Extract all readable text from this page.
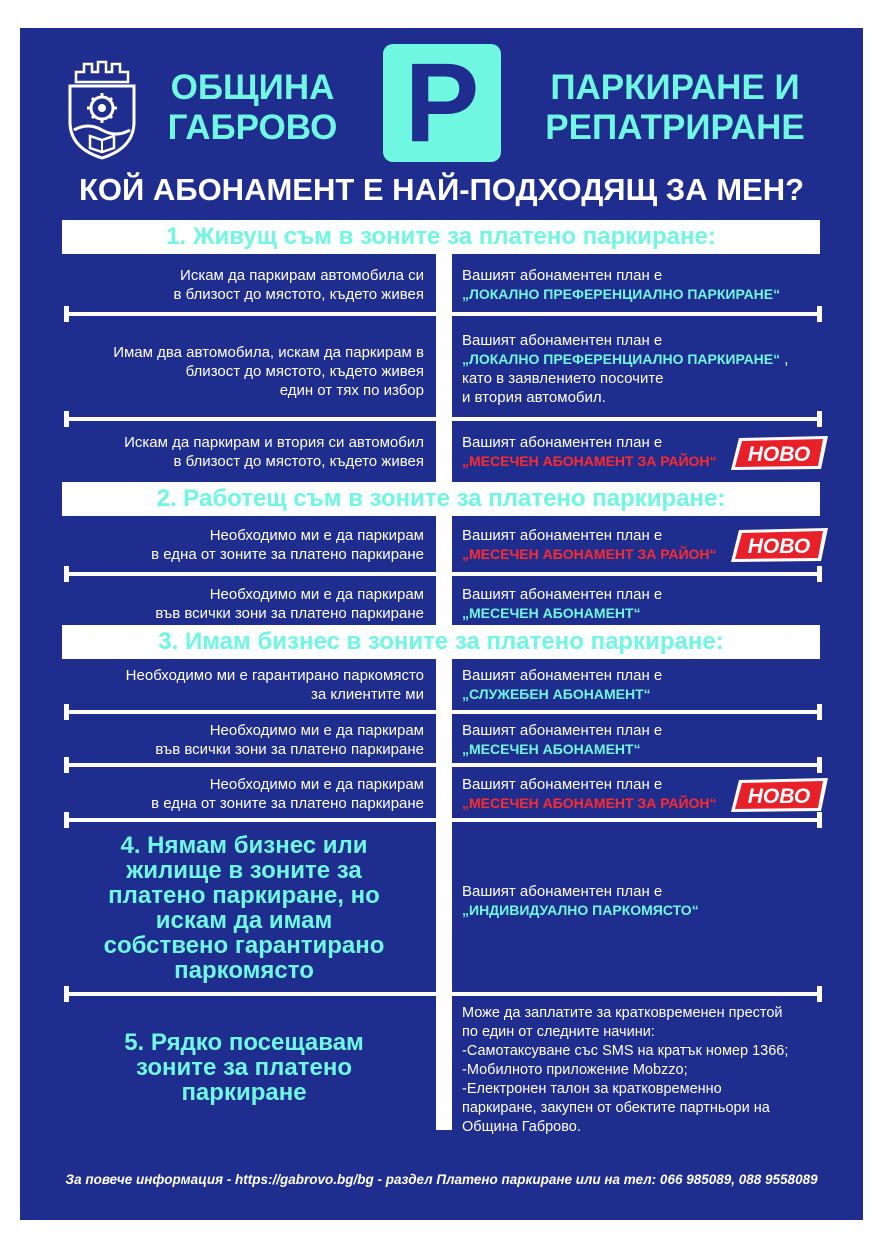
ОБЩИНА
ГАБРОВО P	ПАРКИРАНЕ И
РЕПАТРИРАНЕ
КОЙ АБОНАМЕНТ Е НАЙ-ПОДХОДЯЩ ЗА МЕН?
1. Живущ съм в зоните за платено паркиране:
Искам да паркирам автомобила си
в близост до мястото, където живея
Вашият абонаментен план е
„ЛОКАЛНО ПРЕФЕРЕНЦИАЛНО ПАРКИРАНЕ“
Имам два автомобила, искам да паркирам в
близост до мястото, където живея
един от тях по избор
Вашият абонаментен план е
„ЛОКАЛНО ПРЕФЕРЕНЦИАЛНО ПАРКИРАНЕ“ ,
като в заявлението посочите
и втория автомобил.
Искам да паркирам и втория си автомобил
в близост до мястото, където живея
Вашият абонаментен план е
„МЕСЕЧЕН АБОНАМЕНТ ЗА РАЙОН“	НОВО
2. Работещ съм в зоните за платено паркиране:
Необходимо ми е да паркирам
в една от зоните за платено паркиране
Вашият абонаментен план е
„МЕСЕЧЕН АБОНАМЕНТ ЗА РАЙОН“	НОВО
Необходимо ми е да паркирам
във всички зони за платено паркиране
Вашият абонаментен план е
„МЕСЕЧЕН АБОНАМЕНТ“
3. Имам бизнес в зоните за платено паркиране:
Необходимо ми е гарантирано паркомясто
за клиентите ми
Вашият абонаментен план е
„СЛУЖЕБЕН АБОНАМЕНТ“
Необходимо ми е да паркирам
във всички зони за платено паркиране
Вашият абонаментен план е
„МЕСЕЧЕН АБОНАМЕНТ“
Необходимо ми е да паркирам
в една от зоните за платено паркиране
Вашият абонаментен план е
„МЕСЕЧЕН АБОНАМЕНТ ЗА РАЙОН“	НОВО
4. Нямам бизнес или
жилище в зоните за
платено паркиране, но
искам да имам
собствено гарантирано
паркомясто
Вашият абонаментен план е
„ИНДИВИДУАЛНО ПАРКОМЯСТО“
5. Рядко посещавам
зоните за платено
паркиране
Може да заплатите за кратковременен престой
по един от следните начини:
-Самотаксуване със SMS на кратък номер 1366;
-Мобилното приложение Mobzzo;
-Електронен талон за кратковременно
паркиране, закупен от обектите партньори на
Община Габрово.
За повече информация - https://gabrovo.bg/bg - раздел Платено паркиране или на тел: 066 985089, 088 9558089
